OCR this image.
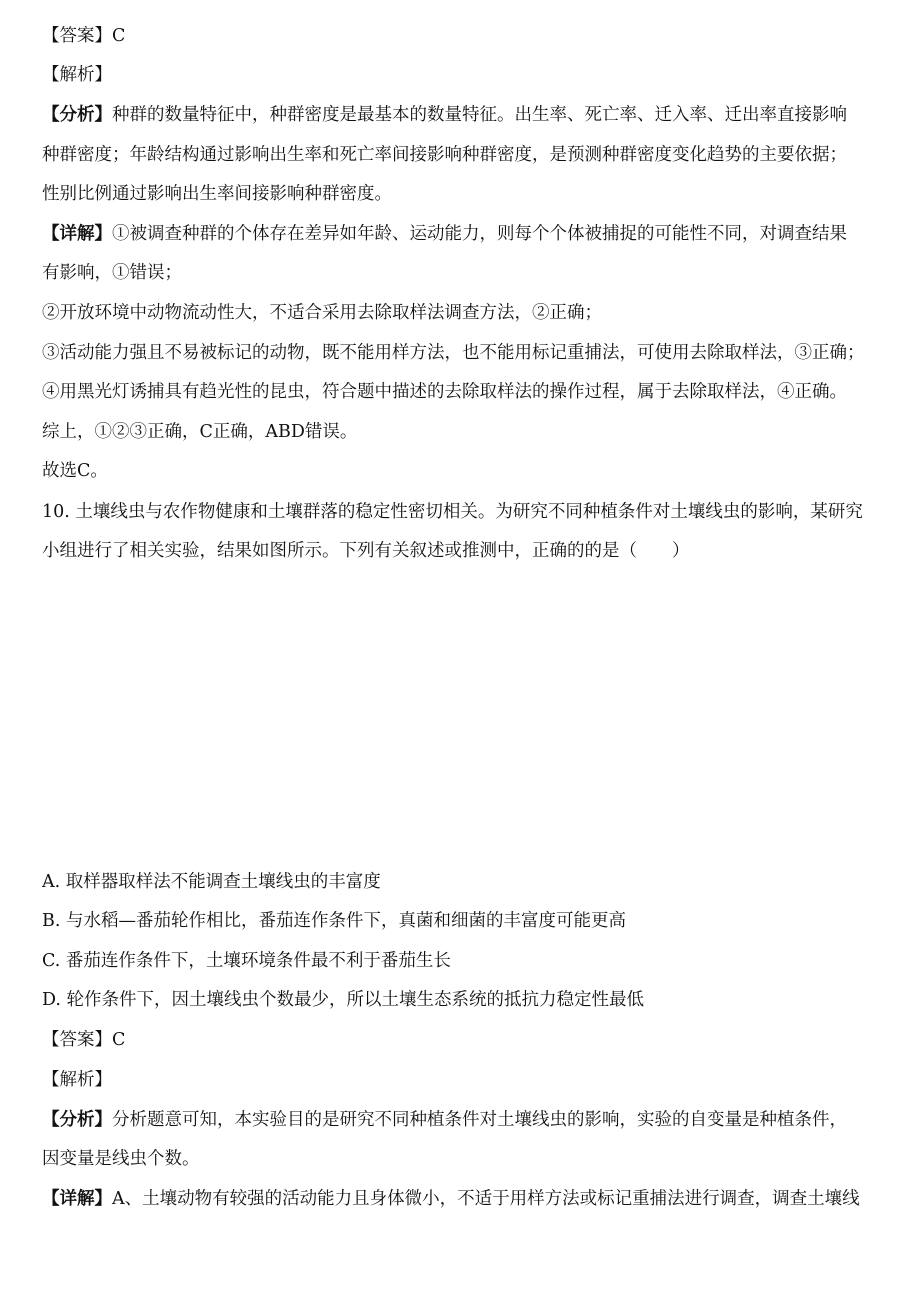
【答案】C
【解析】
【分析】种群的数量特征中，种群密度是最基本的数量特征。出生率、死亡率、迁入率、迁出率直接影响
种群密度；年龄结构通过影响出生率和死亡率间接影响种群密度，是预测种群密度变化趋势的主要依据；
性别比例通过影响出生率间接影响种群密度。
【详解】①被调查种群的个体存在差异如年龄、运动能力，则每个个体被捕捉的可能性不同，对调查结果
有影响，①错误；
②开放环境中动物流动性大，不适合采用去除取样法调查方法，②正确；
③活动能力强且不易被标记的动物，既不能用样方法，也不能用标记重捕法，可使用去除取样法，③正确；
④用黑光灯诱捕具有趋光性的昆虫，符合题中描述的去除取样法的操作过程，属于去除取样法，④正确。
综上，①②③正确，C正确，ABD错误。
故选C。
10. 土壤线虫与农作物健康和土壤群落的稳定性密切相关。为研究不同种植条件对土壤线虫的影响，某研究
小组进行了相关实验，结果如图所示。下列有关叙述或推测中，正确的的是（　　）
A. 取样器取样法不能调查土壤线虫的丰富度
B. 与水稻—番茄轮作相比，番茄连作条件下，真菌和细菌的丰富度可能更高
C. 番茄连作条件下，土壤环境条件最不利于番茄生长
D. 轮作条件下，因土壤线虫个数最少，所以土壤生态系统的抵抗力稳定性最低
【答案】C
【解析】
【分析】分析题意可知，本实验目的是研究不同种植条件对土壤线虫的影响，实验的自变量是种植条件，
因变量是线虫个数。
【详解】A、土壤动物有较强的活动能力且身体微小，不适于用样方法或标记重捕法进行调查，调查土壤线
